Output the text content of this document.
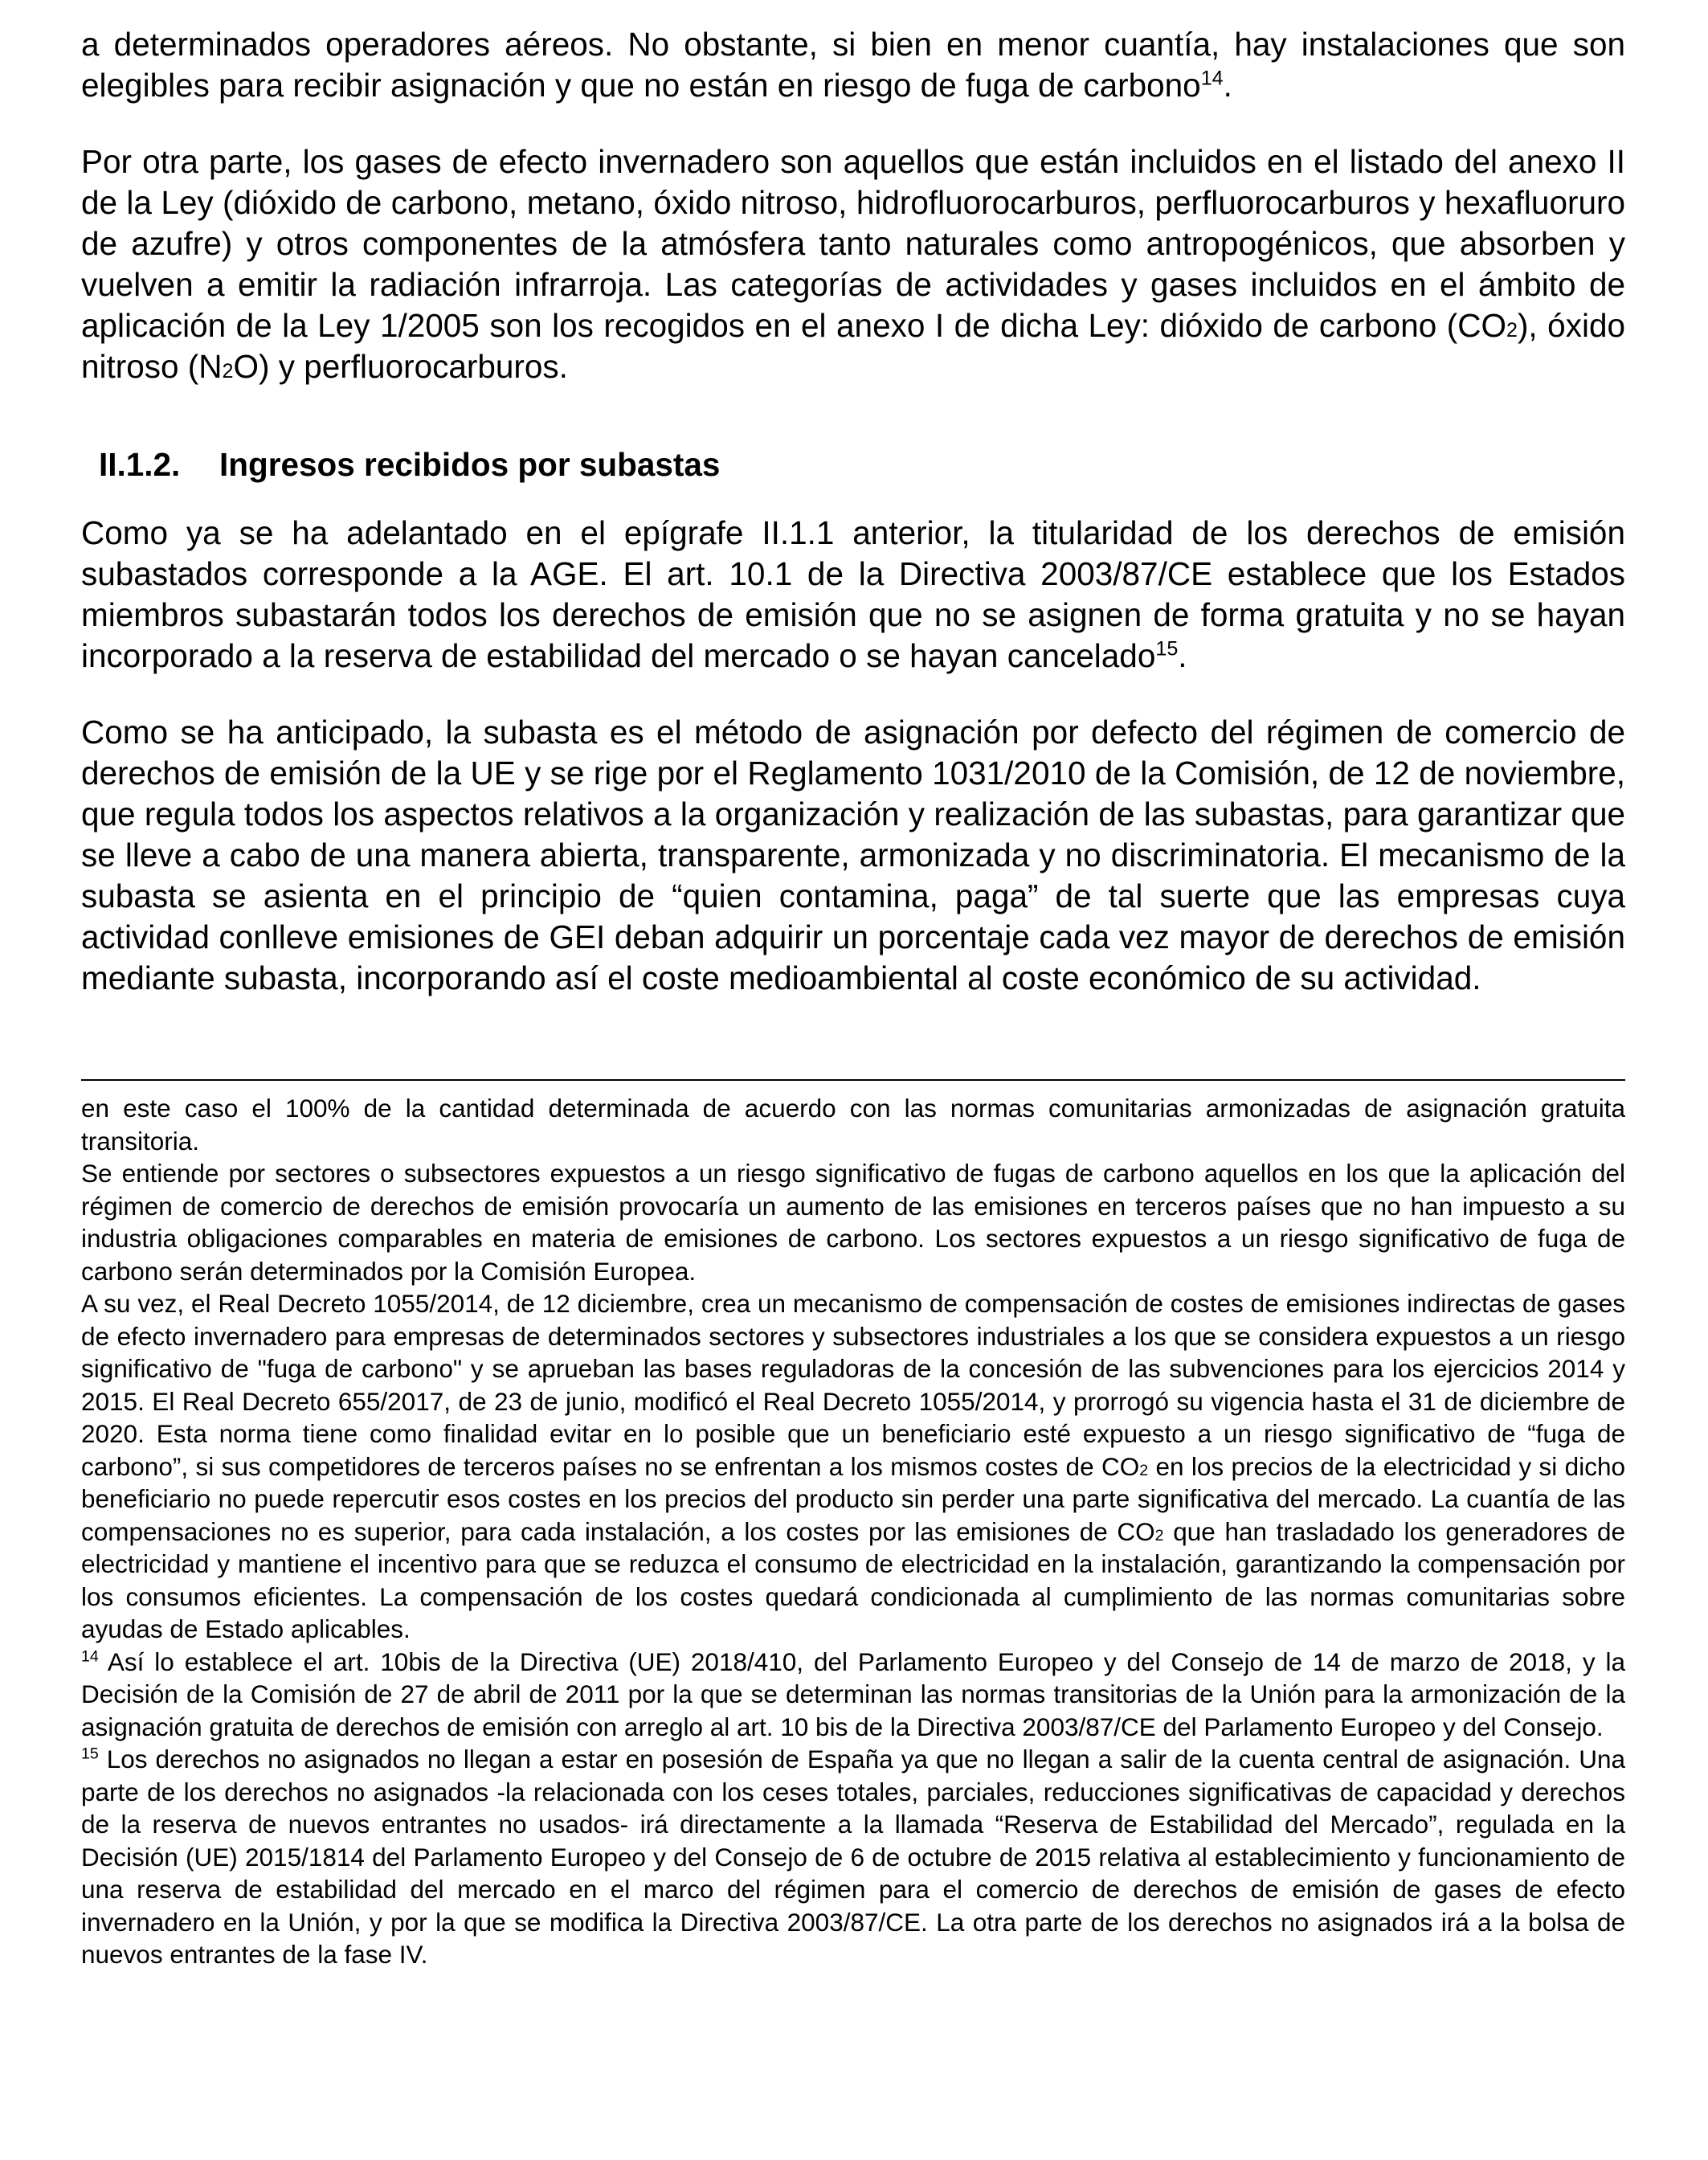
a determinados operadores aéreos. No obstante, si bien en menor cuantía, hay instalaciones que son elegibles para recibir asignación y que no están en riesgo de fuga de carbono$^{14}$.

Por otra parte, los gases de efecto invernadero son aquellos que están incluidos en el listado del anexo II de la Ley (dióxido de carbono, metano, óxido nitroso, hidrofluorocarburos, perfluorocarburos y hexafluoruro de azufre) y otros componentes de la atmósfera tanto naturales como antropogénicos, que absorben y vuelven a emitir la radiación infrarroja. Las categorías de actividades y gases incluidos en el ámbito de aplicación de la Ley 1/2005 son los recogidos en el anexo I de dicha Ley: dióxido de carbono (CO2), óxido nitroso (N2O) y perfluorocarburos.

II.1.2. Ingresos recibidos por subastas

Como ya se ha adelantado en el epígrafe II.1.1 anterior, la titularidad de los derechos de emisión subastados corresponde a la AGE. El art. 10.1 de la Directiva 2003/87/CE establece que los Estados miembros subastarán todos los derechos de emisión que no se asignen de forma gratuita y no se hayan incorporado a la reserva de estabilidad del mercado o se hayan cancelado$^{15}$.

Como se ha anticipado, la subasta es el método de asignación por defecto del régimen de comercio de derechos de emisión de la UE y se rige por el Reglamento 1031/2010 de la Comisión, de 12 de noviembre, que regula todos los aspectos relativos a la organización y realización de las subastas, para garantizar que se lleve a cabo de una manera abierta, transparente, armonizada y no discriminatoria. El mecanismo de la subasta se asienta en el principio de “quien contamina, paga” de tal suerte que las empresas cuya actividad conlleve emisiones de GEI deban adquirir un porcentaje cada vez mayor de derechos de emisión mediante subasta, incorporando así el coste medioambiental al coste económico de su actividad.

en este caso el 100% de la cantidad determinada de acuerdo con las normas comunitarias armonizadas de asignación gratuita transitoria.

Se entiende por sectores o subsectores expuestos a un riesgo significativo de fugas de carbono aquellos en los que la aplicación del régimen de comercio de derechos de emisión provocaría un aumento de las emisiones en terceros países que no han impuesto a su industria obligaciones comparables en materia de emisiones de carbono. Los sectores expuestos a un riesgo significativo de fuga de carbono serán determinados por la Comisión Europea.

A su vez, el Real Decreto 1055/2014, de 12 diciembre, crea un mecanismo de compensación de costes de emisiones indirectas de gases de efecto invernadero para empresas de determinados sectores y subsectores industriales a los que se considera expuestos a un riesgo significativo de "fuga de carbono" y se aprueban las bases reguladoras de la concesión de las subvenciones para los ejercicios 2014 y 2015. El Real Decreto 655/2017, de 23 de junio, modificó el Real Decreto 1055/2014, y prorrogó su vigencia hasta el 31 de diciembre de 2020. Esta norma tiene como finalidad evitar en lo posible que un beneficiario esté expuesto a un riesgo significativo de “fuga de carbono”, si sus competidores de terceros países no se enfrentan a los mismos costes de CO2 en los precios de la electricidad y si dicho beneficiario no puede repercutir esos costes en los precios del producto sin perder una parte significativa del mercado. La cuantía de las compensaciones no es superior, para cada instalación, a los costes por las emisiones de CO2 que han trasladado los generadores de electricidad y mantiene el incentivo para que se reduzca el consumo de electricidad en la instalación, garantizando la compensación por los consumos eficientes. La compensación de los costes quedará condicionada al cumplimiento de las normas comunitarias sobre ayudas de Estado aplicables.

$^{14}$ Así lo establece el art. 10bis de la Directiva (UE) 2018/410, del Parlamento Europeo y del Consejo de 14 de marzo de 2018, y la Decisión de la Comisión de 27 de abril de 2011 por la que se determinan las normas transitorias de la Unión para la armonización de la asignación gratuita de derechos de emisión con arreglo al art. 10 bis de la Directiva 2003/87/CE del Parlamento Europeo y del Consejo.

$^{15}$ Los derechos no asignados no llegan a estar en posesión de España ya que no llegan a salir de la cuenta central de asignación. Una parte de los derechos no asignados -la relacionada con los ceses totales, parciales, reducciones significativas de capacidad y derechos de la reserva de nuevos entrantes no usados- irá directamente a la llamada “Reserva de Estabilidad del Mercado”, regulada en la Decisión (UE) 2015/1814 del Parlamento Europeo y del Consejo de 6 de octubre de 2015 relativa al establecimiento y funcionamiento de una reserva de estabilidad del mercado en el marco del régimen para el comercio de derechos de emisión de gases de efecto invernadero en la Unión, y por la que se modifica la Directiva 2003/87/CE. La otra parte de los derechos no asignados irá a la bolsa de nuevos entrantes de la fase IV.
